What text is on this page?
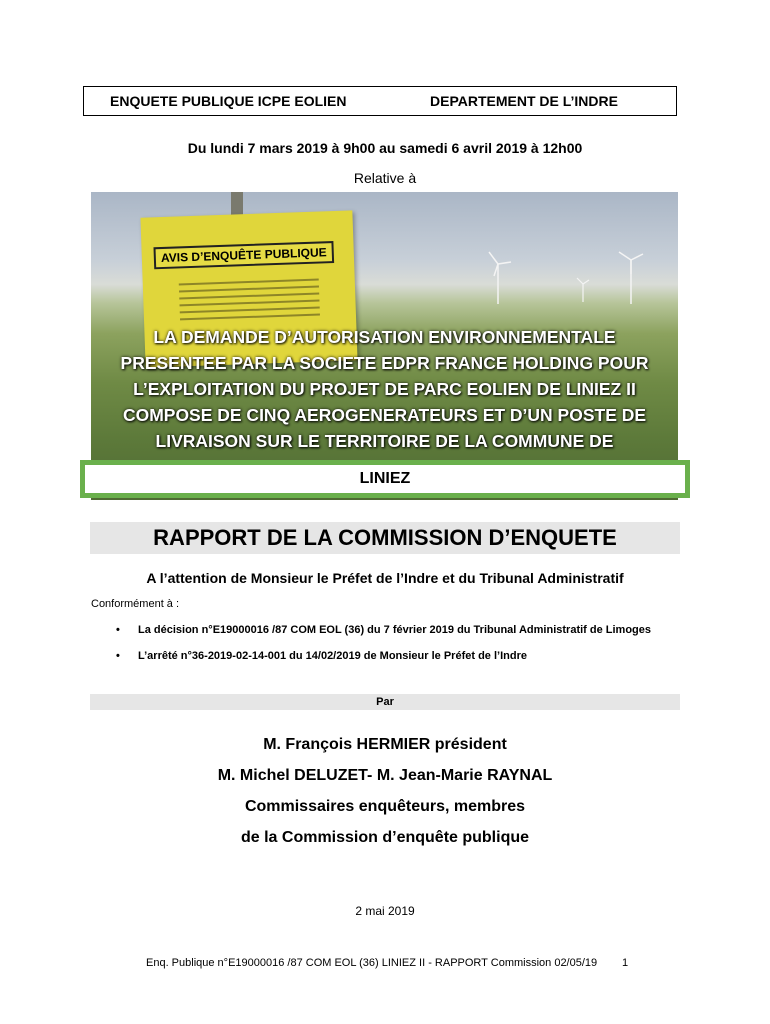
ENQUETE PUBLIQUE ICPE EOLIEN	DEPARTEMENT DE L’INDRE
Du lundi 7 mars 2019 à 9h00 au samedi 6 avril 2019 à 12h00
Relative à
AVIS D’ENQUÊTE PUBLIQUE
LA DEMANDE D’AUTORISATION ENVIRONNEMENTALE
PRESENTEE PAR LA SOCIETE EDPR FRANCE HOLDING POUR
L’EXPLOITATION DU PROJET DE PARC EOLIEN DE LINIEZ II
COMPOSE DE CINQ AEROGENERATEURS ET D’UN POSTE DE
LIVRAISON SUR LE TERRITOIRE DE LA COMMUNE DE
LINIEZ
RAPPORT DE LA COMMISSION D’ENQUETE
A l’attention de Monsieur le Préfet de l’Indre et du Tribunal Administratif
Conformément à :
• La décision n°E19000016 /87 COM EOL (36) du 7 février 2019 du Tribunal Administratif de Limoges
• L’arrêté n°36-2019-02-14-001 du 14/02/2019 de Monsieur le Préfet de l’Indre
Par
M. François HERMIER président
M. Michel DELUZET- M. Jean-Marie RAYNAL
Commissaires enquêteurs, membres
de la Commission d’enquête publique
2 mai 2019
Enq. Publique n°E19000016 /87 COM EOL (36) LINIEZ II - RAPPORT Commission 02/05/19 1
